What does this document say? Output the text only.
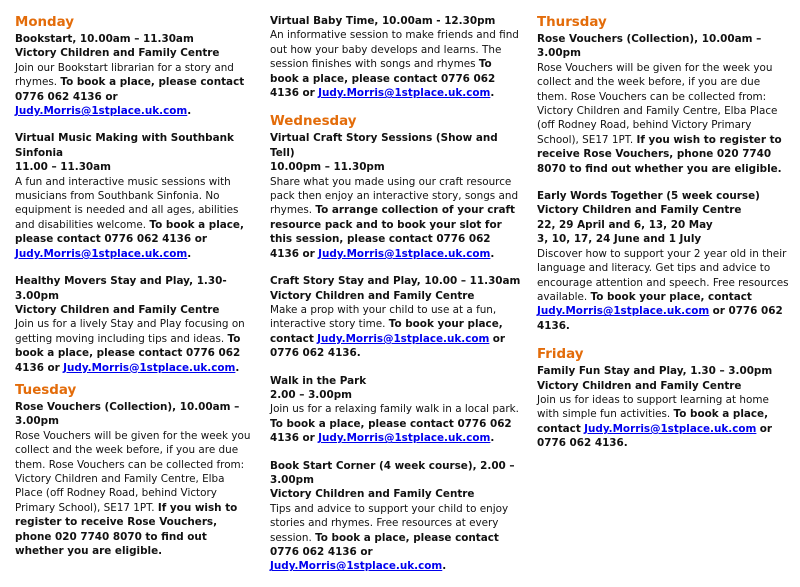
Monday
Bookstart, 10.00am – 11.30am
Victory Children and Family Centre
Join our Bookstart librarian for a story and rhymes. To book a place, please contact 0776 062 4136 or Judy.Morris@1stplace.uk.com.
Virtual Music Making with Southbank Sinfonia
11.00 – 11.30am
A fun and interactive music sessions with musicians from Southbank Sinfonia. No equipment is needed and all ages, abilities and disabilities welcome. To book a place, please contact 0776 062 4136 or Judy.Morris@1stplace.uk.com.
Healthy Movers Stay and Play, 1.30-3.00pm
Victory Children and Family Centre
Join us for a lively Stay and Play focusing on getting moving including tips and ideas. To book a place, please contact 0776 062 4136 or Judy.Morris@1stplace.uk.com.
Tuesday
Rose Vouchers (Collection), 10.00am – 3.00pm
Rose Vouchers will be given for the week you collect and the week before, if you are due them. Rose Vouchers can be collected from: Victory Children and Family Centre, Elba Place (off Rodney Road, behind Victory Primary School), SE17 1PT. If you wish to register to receive Rose Vouchers, phone 020 7740 8070 to find out whether you are eligible.
Virtual Baby Time, 10.00am - 12.30pm
An informative session to make friends and find out how your baby develops and learns. The session finishes with songs and rhymes To book a place, please contact 0776 062 4136 or Judy.Morris@1stplace.uk.com.
Wednesday
Virtual Craft Story Sessions (Show and Tell)
10.00pm – 11.30pm
Share what you made using our craft resource pack then enjoy an interactive story, songs and rhymes. To arrange collection of your craft resource pack and to book your slot for this session, please contact 0776 062 4136 or Judy.Morris@1stplace.uk.com.
Craft Story Stay and Play, 10.00 – 11.30am
Victory Children and Family Centre
Make a prop with your child to use at a fun, interactive story time. To book your place, contact Judy.Morris@1stplace.uk.com or 0776 062 4136.
Walk in the Park
2.00 – 3.00pm
Join us for a relaxing family walk in a local park. To book a place, please contact 0776 062 4136 or Judy.Morris@1stplace.uk.com.
Book Start Corner (4 week course), 2.00 – 3.00pm
Victory Children and Family Centre
Tips and advice to support your child to enjoy stories and rhymes. Free resources at every session. To book a place, please contact 0776 062 4136 or Judy.Morris@1stplace.uk.com.
Thursday
Rose Vouchers (Collection), 10.00am – 3.00pm
Rose Vouchers will be given for the week you collect and the week before, if you are due them. Rose Vouchers can be collected from: Victory Children and Family Centre, Elba Place (off Rodney Road, behind Victory Primary School), SE17 1PT. If you wish to register to receive Rose Vouchers, phone 020 7740 8070 to find out whether you are eligible.
Early Words Together (5 week course)
Victory Children and Family Centre
22, 29 April and 6, 13, 20 May
3, 10, 17, 24 June and 1 July
Discover how to support your 2 year old in their language and literacy. Get tips and advice to encourage attention and speech. Free resources available. To book your place, contact Judy.Morris@1stplace.uk.com or 0776 062 4136.
Friday
Family Fun Stay and Play, 1.30 – 3.00pm
Victory Children and Family Centre
Join us for ideas to support learning at home with simple fun activities. To book a place, contact Judy.Morris@1stplace.uk.com or 0776 062 4136.
